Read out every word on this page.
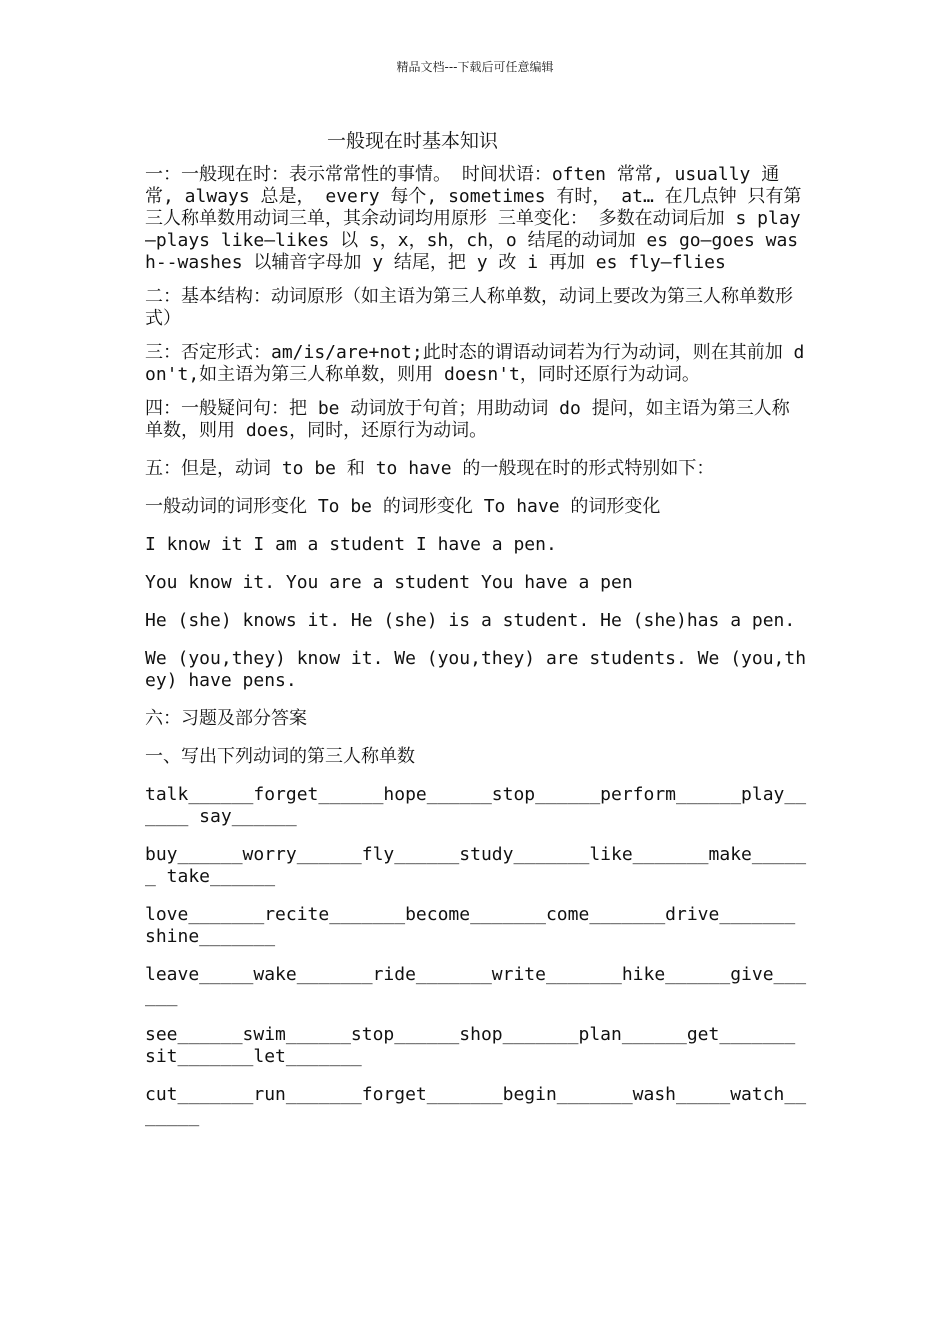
精品文档---下载后可任意编辑
一般现在时基本知识

一：一般现在时：表示常常性的事情。 时间状语：often 常常, usually 通常, always 总是， every 每个, sometimes 有时， at… 在几点钟 只有第三人称单数用动词三单，其余动词均用原形 三单变化： 多数在动词后加 s play—plays like—likes 以 s，x，sh，ch，o 结尾的动词加 es go—goes wash--washes 以辅音字母加 y 结尾，把 y 改 i 再加 es fly—flies

二：基本结构：动词原形（如主语为第三人称单数，动词上要改为第三人称单数形式）

三：否定形式：am/is/are+not;此时态的谓语动词若为行为动词，则在其前加 don't,如主语为第三人称单数，则用 doesn't，同时还原行为动词。

四：一般疑问句：把 be 动词放于句首；用助动词 do 提问，如主语为第三人称单数，则用 does，同时，还原行为动词。

五：但是，动词 to be 和 to have 的一般现在时的形式特别如下：

一般动词的词形变化 To be 的词形变化 To have 的词形变化

I know it I am a student I have a pen.

You know it. You are a student You have a pen

He (she) knows it. He (she) is a student. He (she)has a pen.

We (you,they) know it. We (you,they) are students. We (you,they) have pens.

六：习题及部分答案

一、写出下列动词的第三人称单数

talk______forget______hope______stop______perform______play______ say______

buy______worry______fly______study_______like_______make______ take______

love_______recite_______become_______come_______drive_______ shine_______

leave_____wake_______ride_______write_______hike______give______

see______swim______stop______shop_______plan______get_______ sit_______let_______

cut_______run_______forget_______begin_______wash_____watch_______
